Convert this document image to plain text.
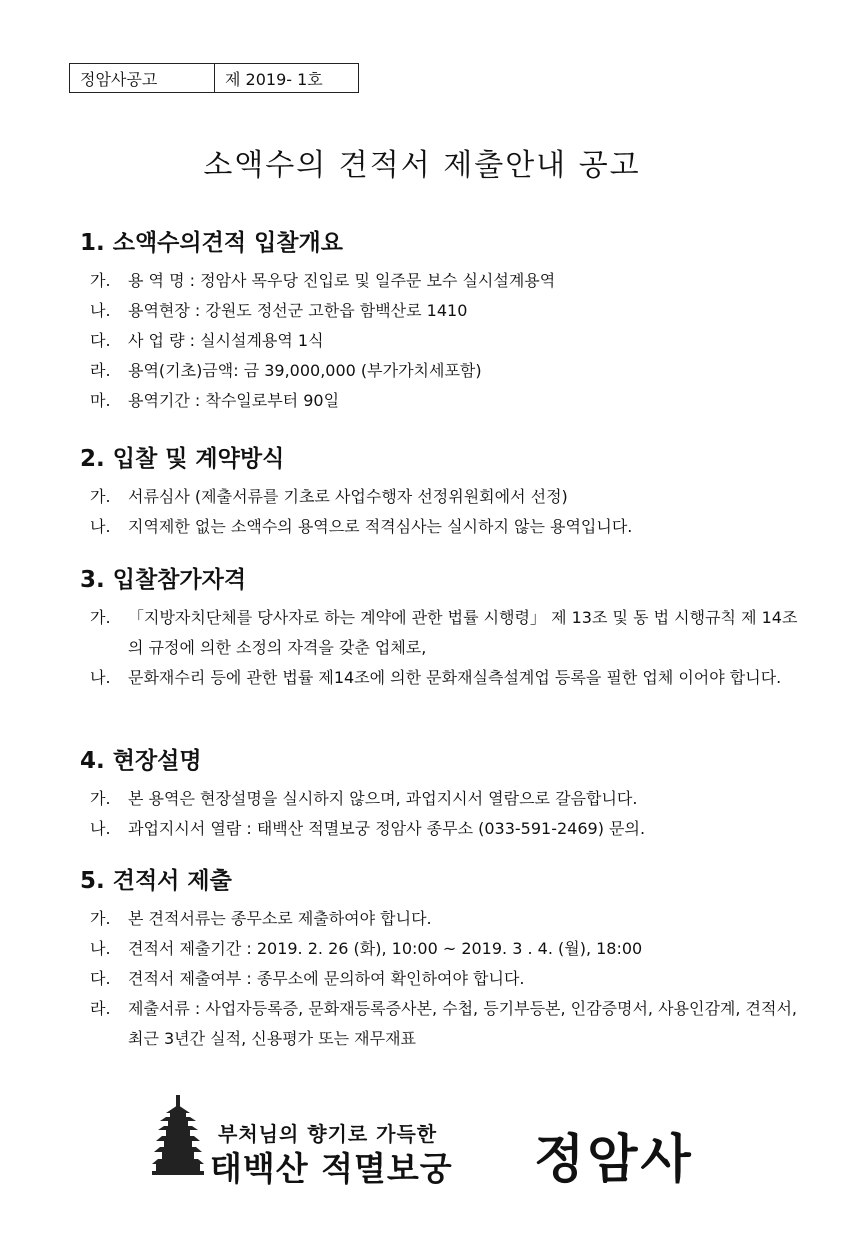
정암사공고	제 2019- 1호
소액수의 견적서 제출안내 공고
1. 소액수의견적 입찰개요
가.	용 역 명 : 정암사 목우당 진입로 및 일주문 보수 실시설계용역
나.	용역현장 : 강원도 정선군 고한읍 함백산로 1410
다.	사 업 량 : 실시설계용역 1식
라.	용역(기초)금액: 금 39,000,000 (부가가치세포함)
마.	용역기간 : 착수일로부터 90일
2. 입찰 및 계약방식
가.	서류심사 (제출서류를 기초로 사업수행자 선정위원회에서 선정)
나.	지역제한 없는 소액수의 용역으로 적격심사는 실시하지 않는 용역입니다.
3. 입찰참가자격
가.	「지방자치단체를 당사자로 하는 계약에 관한 법률 시행령」 제 13조 및 동 법 시행규칙 제 14조의 규정에 의한 소정의 자격을 갖춘 업체로,
나.	문화재수리 등에 관한 법률 제14조에 의한 문화재실측설계업 등록을 필한 업체 이어야 합니다.
4. 현장설명
가.	본 용역은 현장설명을 실시하지 않으며, 과업지시서 열람으로 갈음합니다.
나.	과업지시서 열람 : 태백산 적멸보궁 정암사 종무소 (033-591-2469) 문의.
5. 견적서 제출
가.	본 견적서류는 종무소로 제출하여야 합니다.
나.	견적서 제출기간 : 2019. 2. 26 (화), 10:00 ~ 2019. 3 . 4. (월), 18:00
다.	견적서 제출여부 : 종무소에 문의하여 확인하여야 합니다.
라.	제출서류 : 사업자등록증, 문화재등록증사본, 수첩, 등기부등본, 인감증명서, 사용인감계, 견적서, 최근 3년간 실적, 신용평가 또는 재무재표
부처님의 향기로 가득한
태백산 적멸보궁 정암사
